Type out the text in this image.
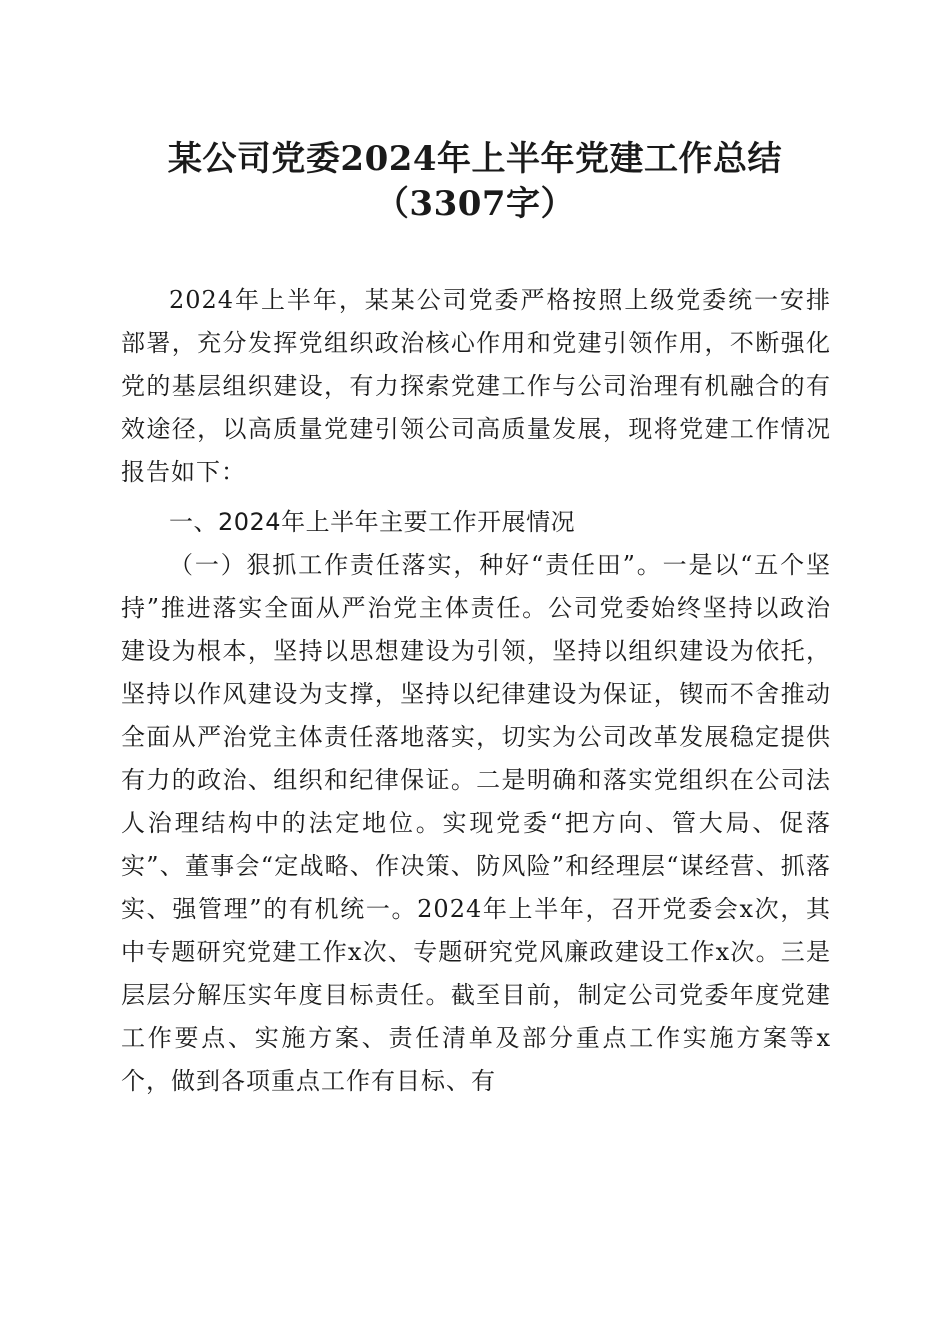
某公司党委2024年上半年党建工作总结
（3307字）

2024年上半年，某某公司党委严格按照上级党委统一安排部署，充分发挥党组织政治核心作用和党建引领作用，不断强化党的基层组织建设，有力探索党建工作与公司治理有机融合的有效途径，以高质量党建引领公司高质量发展，现将党建工作情况报告如下：

一、2024年上半年主要工作开展情况

（一）狠抓工作责任落实，种好“责任田”。一是以“五个坚持”推进落实全面从严治党主体责任。公司党委始终坚持以政治建设为根本，坚持以思想建设为引领，坚持以组织建设为依托，坚持以作风建设为支撑，坚持以纪律建设为保证，锲而不舍推动全面从严治党主体责任落地落实，切实为公司改革发展稳定提供有力的政治、组织和纪律保证。二是明确和落实党组织在公司法人治理结构中的法定地位。实现党委“把方向、管大局、促落实”、董事会“定战略、作决策、防风险”和经理层“谋经营、抓落实、强管理”的有机统一。2024年上半年，召开党委会x次，其中专题研究党建工作x次、专题研究党风廉政建设工作x次。三是层层分解压实年度目标责任。截至目前，制定公司党委年度党建工作要点、实施方案、责任清单及部分重点工作实施方案等x个，做到各项重点工作有目标、有
